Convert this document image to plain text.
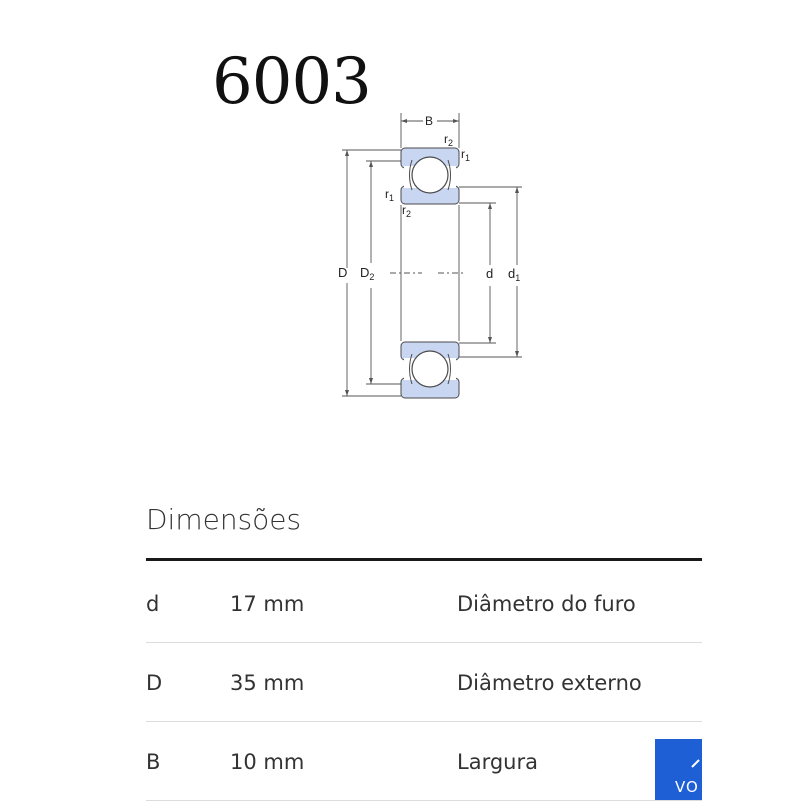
6003
B
$r_2$
$r_1$
$r_1$
$r_2$
D $D_2$	d $d_1$
Dimensões
d	17 mm	Diâmetro do furo
D	35 mm	Diâmetro externo
B	10 mm	Largura
VO
